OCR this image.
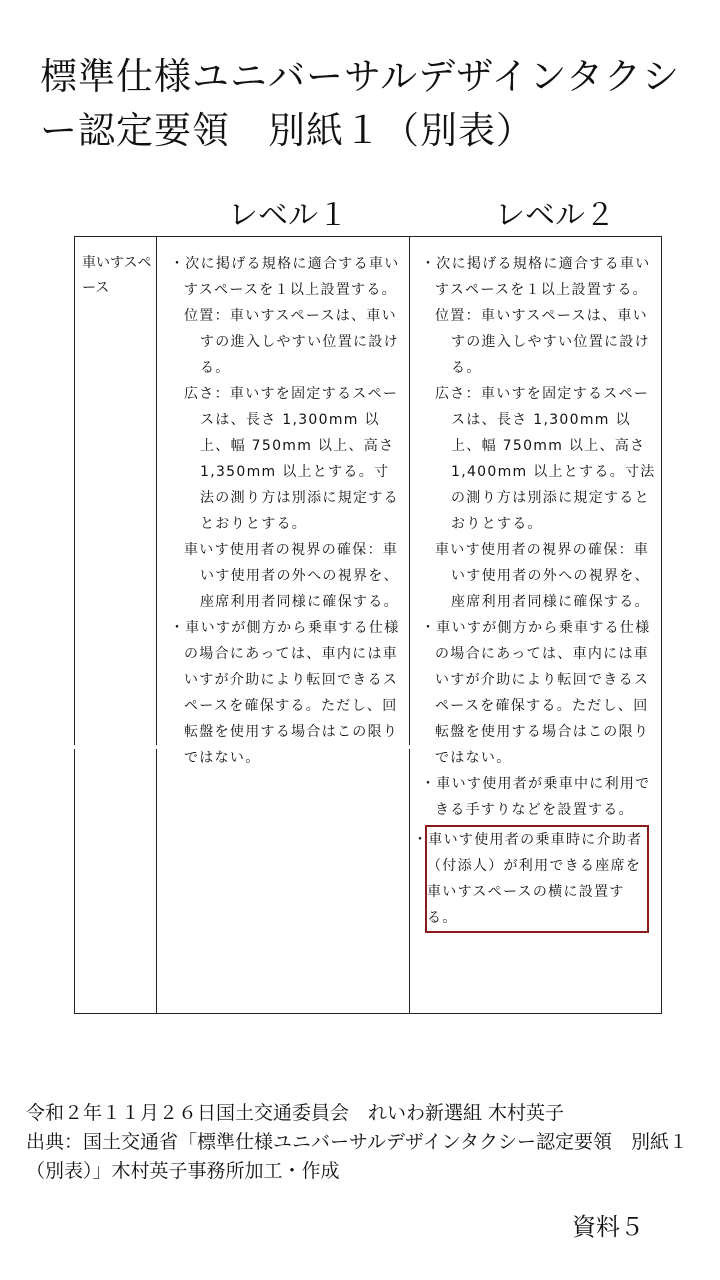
標準仕様ユニバーサルデザインタクシー認定要領　別紙１（別表）
レベル１	レベル２
車いすスペース

・次に掲げる規格に適合する車いすスペースを１以上設置する。

位置：車いすスペースは、車いすの進入しやすい位置に設ける。

広さ：車いすを固定するスペースは、長さ 1,300mm 以上、幅 750mm 以上、高さ 1,350mm 以上とする。寸法の測り方は別添に規定するとおりとする。

車いす使用者の視界の確保：車いす使用者の外への視界を、座席利用者同様に確保する。

・車いすが側方から乗車する仕様の場合にあっては、車内には車いすが介助により転回できるスペースを確保する。ただし、回転盤を使用する場合はこの限りではない。

・次に掲げる規格に適合する車いすスペースを１以上設置する。

位置：車いすスペースは、車いすの進入しやすい位置に設ける。

広さ：車いすを固定するスペースは、長さ 1,300mm 以上、幅 750mm 以上、高さ 1,400mm 以上とする。寸法の測り方は別添に規定するとおりとする。

車いす使用者の視界の確保：車いす使用者の外への視界を、座席利用者同様に確保する。

・車いすが側方から乗車する仕様の場合にあっては、車内には車いすが介助により転回できるスペースを確保する。ただし、回転盤を使用する場合はこの限りではない。

・車いす使用者が乗車中に利用できる手すりなどを設置する。

・車いす使用者の乗車時に介助者（付添人）が利用できる座席を車いすスペースの横に設置する。

令和２年１１月２６日国土交通委員会　れいわ新選組 木村英子
出典：国土交通省「標準仕様ユニバーサルデザインタクシー認定要領　別紙１（別表）」木村英子事務所加工・作成
資料５
